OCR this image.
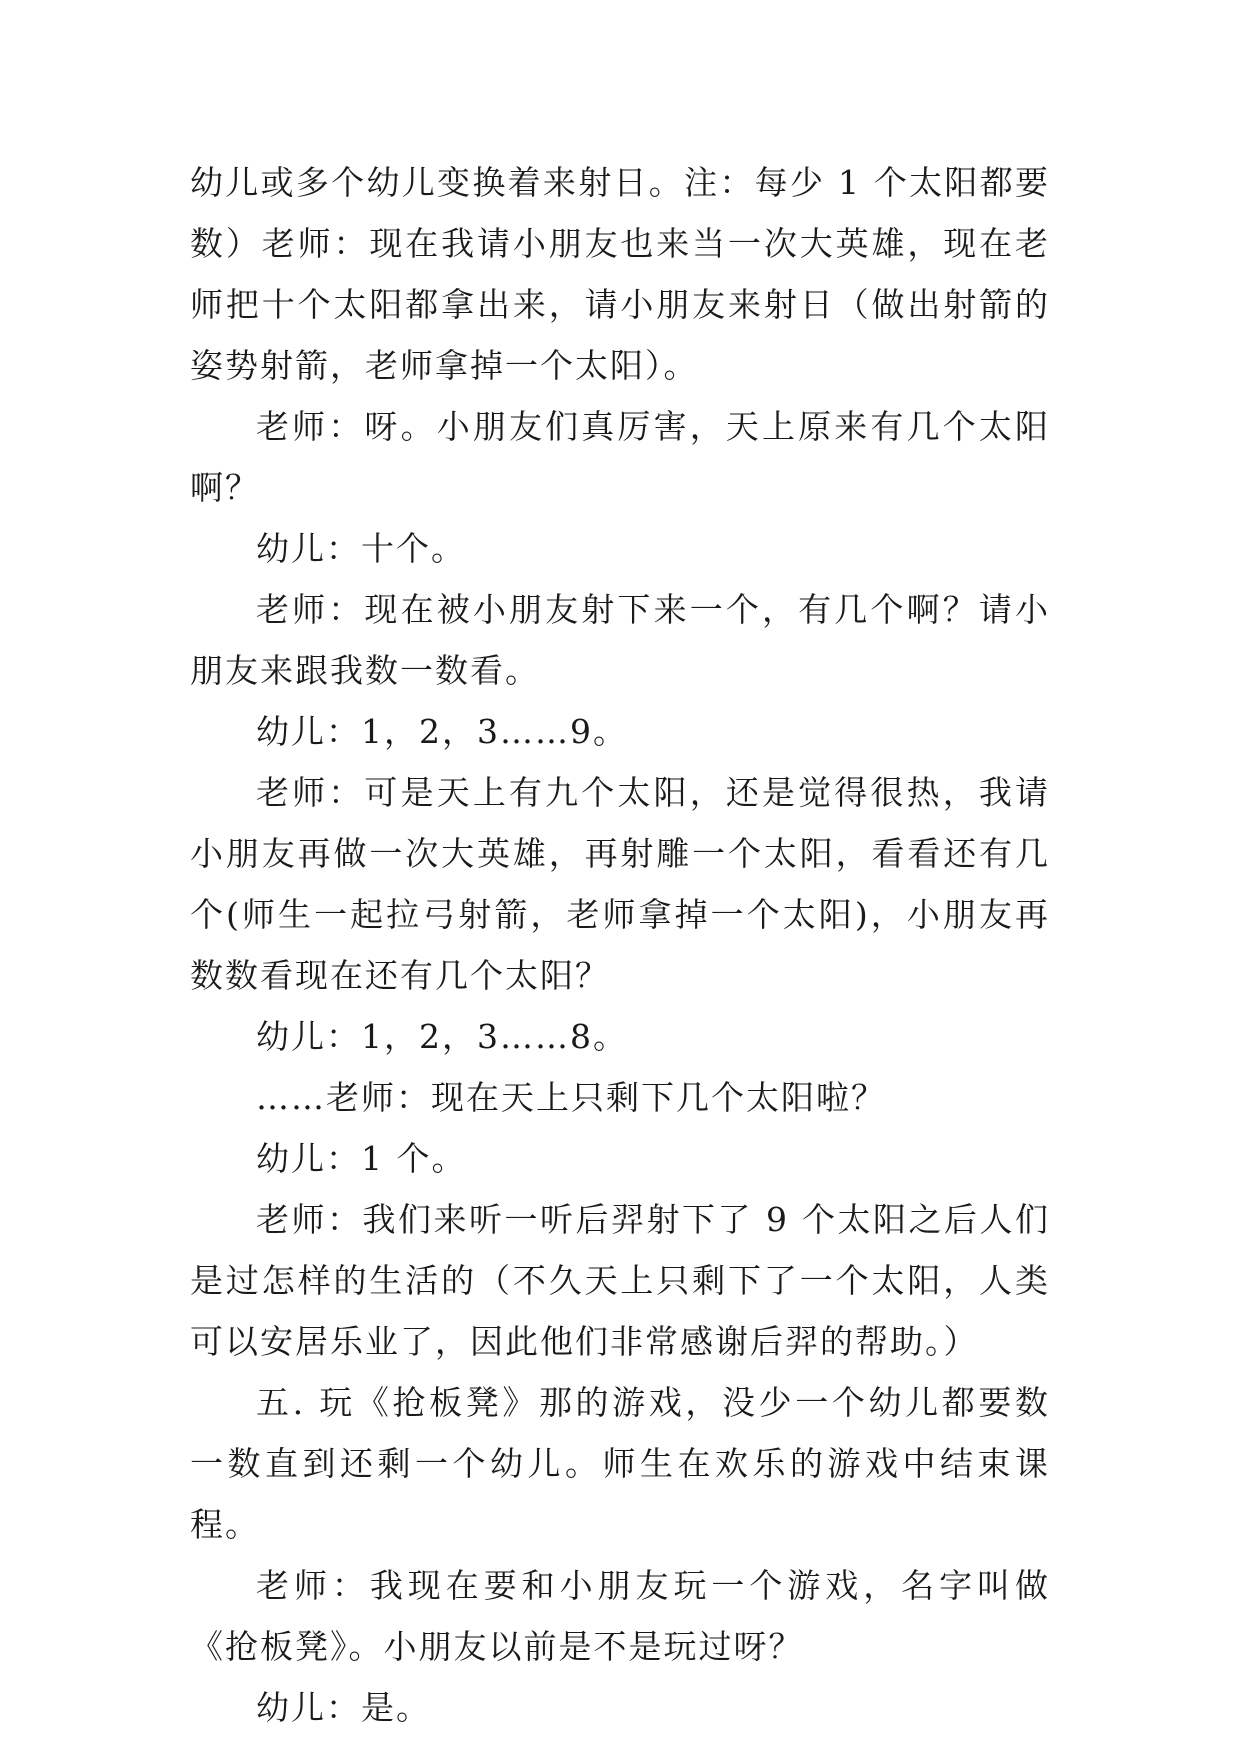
幼儿或多个幼儿变换着来射日。注：每少 1 个太阳都要数）老师：现在我请小朋友也来当一次大英雄，现在老师把十个太阳都拿出来，请小朋友来射日（做出射箭的姿势射箭，老师拿掉一个太阳）。

老师：呀。小朋友们真厉害，天上原来有几个太阳啊？

幼儿：十个。

老师：现在被小朋友射下来一个，有几个啊？请小朋友来跟我数一数看。

幼儿：1，2，3……9。

老师：可是天上有九个太阳，还是觉得很热，我请小朋友再做一次大英雄，再射雕一个太阳，看看还有几个(师生一起拉弓射箭，老师拿掉一个太阳)，小朋友再数数看现在还有几个太阳？

幼儿：1，2，3……8。

……老师：现在天上只剩下几个太阳啦？

幼儿：1 个。

老师：我们来听一听后羿射下了 9 个太阳之后人们是过怎样的生活的（不久天上只剩下了一个太阳，人类可以安居乐业了，因此他们非常感谢后羿的帮助。）

五. 玩《抢板凳》那的游戏，没少一个幼儿都要数一数直到还剩一个幼儿。师生在欢乐的游戏中结束课程。

老师：我现在要和小朋友玩一个游戏，名字叫做《抢板凳》。小朋友以前是不是玩过呀？

幼儿：是。
